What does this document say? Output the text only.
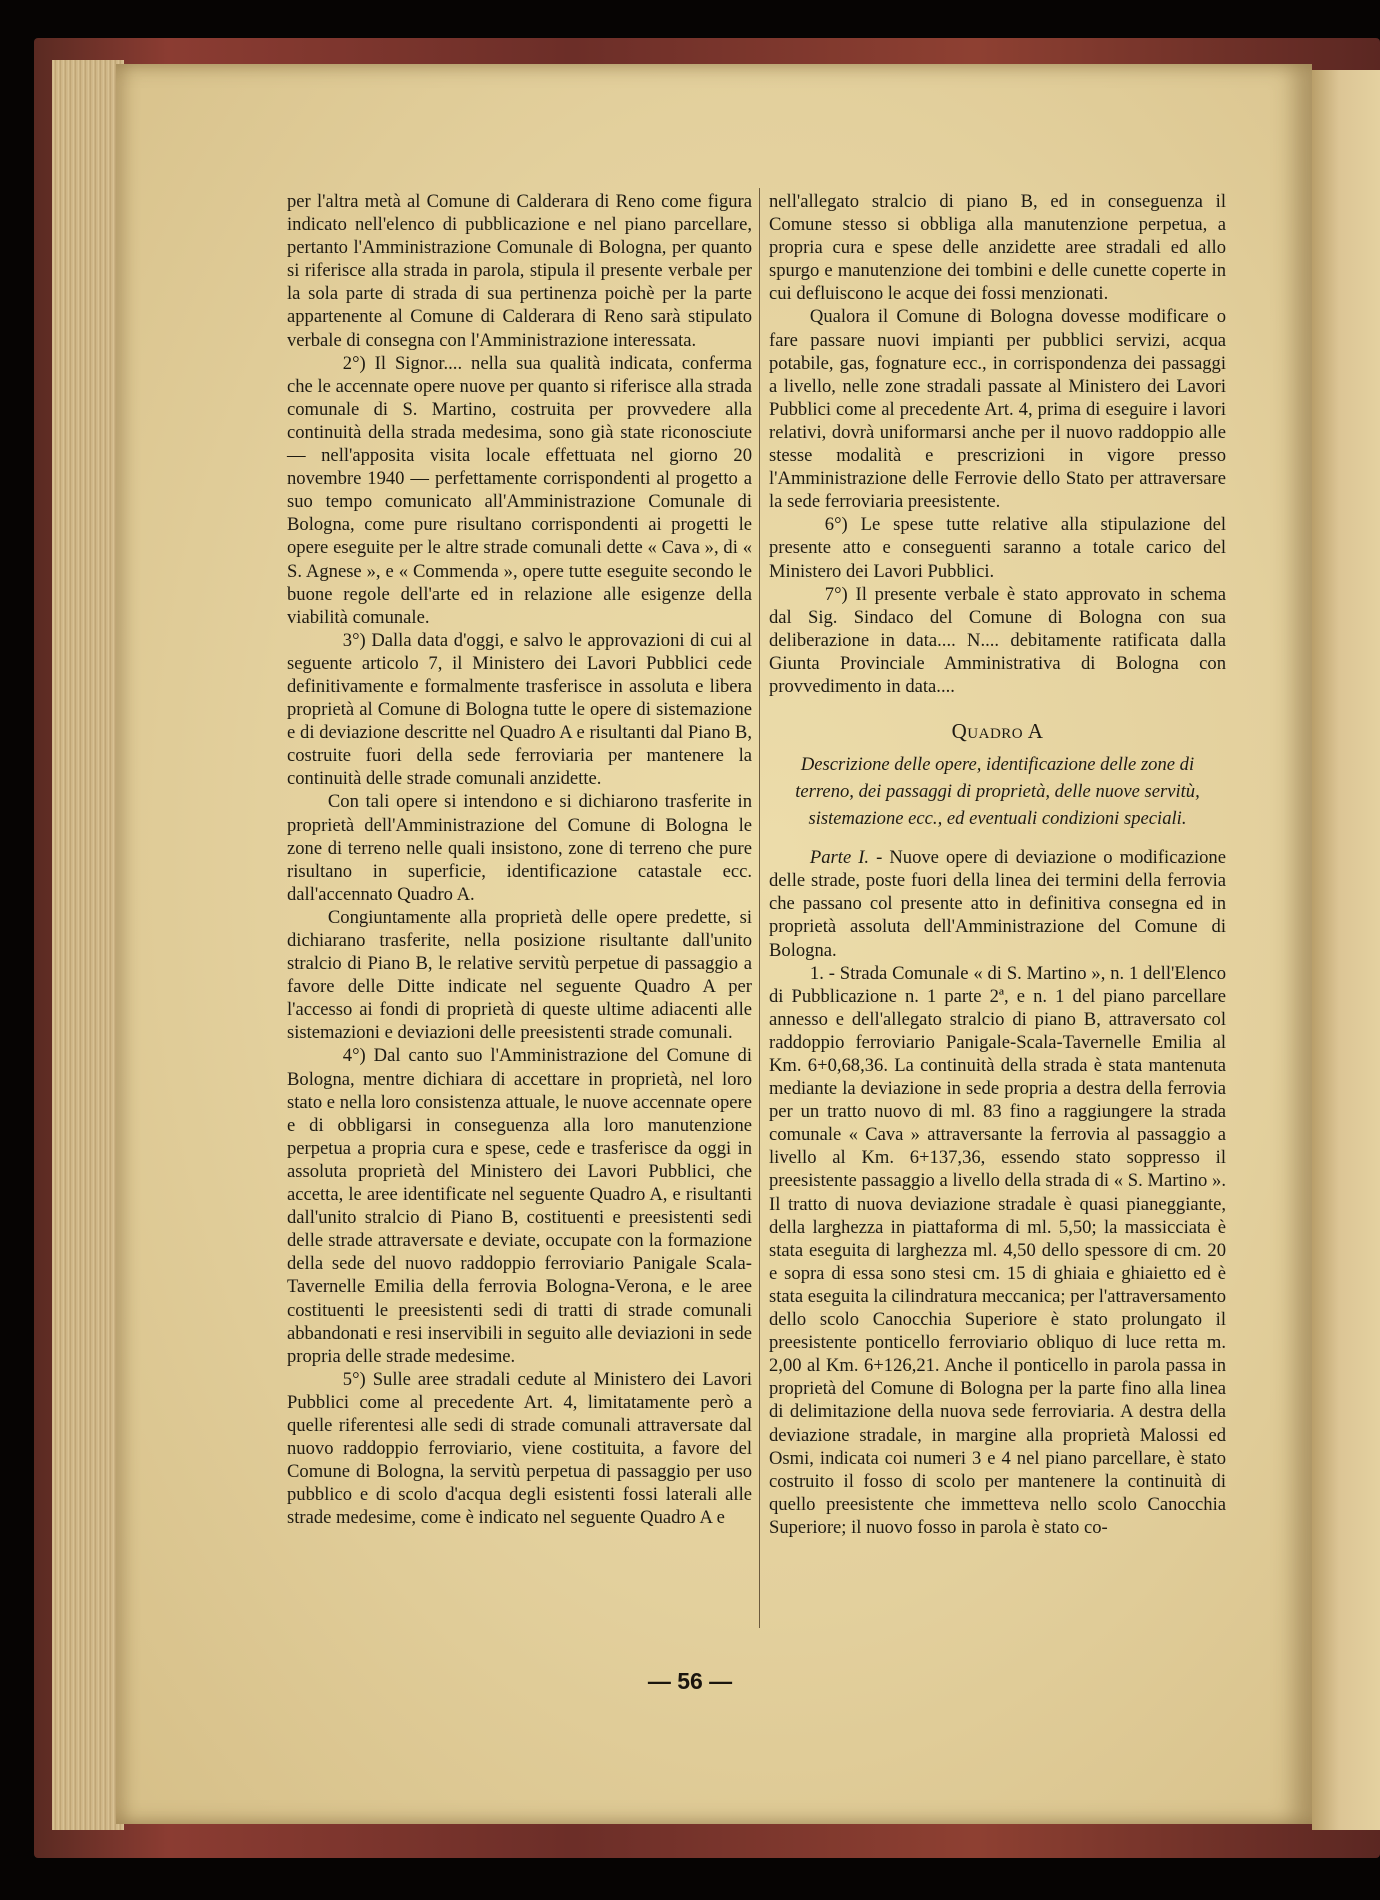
per l'altra metà al Comune di Calderara di Reno come figura indicato nell'elenco di pubblicazione e nel piano parcellare, pertanto l'Amministrazione Comunale di Bologna, per quanto si riferisce alla strada in parola, stipula il presente verbale per la sola parte di strada di sua pertinenza poichè per la parte appartenente al Comune di Calderara di Reno sarà stipulato verbale di consegna con l'Amministrazione interessata.

2°) Il Signor.... nella sua qualità indicata, conferma che le accennate opere nuove per quanto si riferisce alla strada comunale di S. Martino, costruita per provvedere alla continuità della strada medesima, sono già state riconosciute — nell'apposita visita locale effettuata nel giorno 20 novembre 1940 — perfettamente corrispondenti al progetto a suo tempo comunicato all'Amministrazione Comunale di Bologna, come pure risultano corrispondenti ai progetti le opere eseguite per le altre strade comunali dette « Cava », di « S. Agnese », e « Commenda », opere tutte eseguite secondo le buone regole dell'arte ed in relazione alle esigenze della viabilità comunale.

3°) Dalla data d'oggi, e salvo le approvazioni di cui al seguente articolo 7, il Ministero dei Lavori Pubblici cede definitivamente e formalmente trasferisce in assoluta e libera proprietà al Comune di Bologna tutte le opere di sistemazione e di deviazione descritte nel Quadro A e risultanti dal Piano B, costruite fuori della sede ferroviaria per mantenere la continuità delle strade comunali anzidette.

Con tali opere si intendono e si dichiarono trasferite in proprietà dell'Amministrazione del Comune di Bologna le zone di terreno nelle quali insistono, zone di terreno che pure risultano in superficie, identificazione catastale ecc. dall'accennato Quadro A.

Congiuntamente alla proprietà delle opere predette, si dichiarano trasferite, nella posizione risultante dall'unito stralcio di Piano B, le relative servitù perpetue di passaggio a favore delle Ditte indicate nel seguente Quadro A per l'accesso ai fondi di proprietà di queste ultime adiacenti alle sistemazioni e deviazioni delle preesistenti strade comunali.

4°) Dal canto suo l'Amministrazione del Comune di Bologna, mentre dichiara di accettare in proprietà, nel loro stato e nella loro consistenza attuale, le nuove accennate opere e di obbligarsi in conseguenza alla loro manutenzione perpetua a propria cura e spese, cede e trasferisce da oggi in assoluta proprietà del Ministero dei Lavori Pubblici, che accetta, le aree identificate nel seguente Quadro A, e risultanti dall'unito stralcio di Piano B, costituenti e preesistenti sedi delle strade attraversate e deviate, occupate con la formazione della sede del nuovo raddoppio ferroviario Panigale Scala-Tavernelle Emilia della ferrovia Bologna-Verona, e le aree costituenti le preesistenti sedi di tratti di strade comunali abbandonati e resi inservibili in seguito alle deviazioni in sede propria delle strade medesime.

5°) Sulle aree stradali cedute al Ministero dei Lavori Pubblici come al precedente Art. 4, limitatamente però a quelle riferentesi alle sedi di strade comunali attraversate dal nuovo raddoppio ferroviario, viene costituita, a favore del Comune di Bologna, la servitù perpetua di passaggio per uso pubblico e di scolo d'acqua degli esistenti fossi laterali alle strade medesime, come è indicato nel seguente Quadro A e

nell'allegato stralcio di piano B, ed in conseguenza il Comune stesso si obbliga alla manutenzione perpetua, a propria cura e spese delle anzidette aree stradali ed allo spurgo e manutenzione dei tombini e delle cunette coperte in cui defluiscono le acque dei fossi menzionati.

Qualora il Comune di Bologna dovesse modificare o fare passare nuovi impianti per pubblici servizi, acqua potabile, gas, fognature ecc., in corrispondenza dei passaggi a livello, nelle zone stradali passate al Ministero dei Lavori Pubblici come al precedente Art. 4, prima di eseguire i lavori relativi, dovrà uniformarsi anche per il nuovo raddoppio alle stesse modalità e prescrizioni in vigore presso l'Amministrazione delle Ferrovie dello Stato per attraversare la sede ferroviaria preesistente.

6°) Le spese tutte relative alla stipulazione del presente atto e conseguenti saranno a totale carico del Ministero dei Lavori Pubblici.

7°) Il presente verbale è stato approvato in schema dal Sig. Sindaco del Comune di Bologna con sua deliberazione in data.... N.... debitamente ratificata dalla Giunta Provinciale Amministrativa di Bologna con provvedimento in data....

Quadro A
Descrizione delle opere, identificazione delle zone di terreno, dei passaggi di proprietà, delle nuove servitù, sistemazione ecc., ed eventuali condizioni speciali.

Parte I. - Nuove opere di deviazione o modificazione delle strade, poste fuori della linea dei termini della ferrovia che passano col presente atto in definitiva consegna ed in proprietà assoluta dell'Amministrazione del Comune di Bologna.

1. - Strada Comunale « di S. Martino », n. 1 dell'Elenco di Pubblicazione n. 1 parte 2ª, e n. 1 del piano parcellare annesso e dell'allegato stralcio di piano B, attraversato col raddoppio ferroviario Panigale-Scala-Tavernelle Emilia al Km. 6+0,68,36. La continuità della strada è stata mantenuta mediante la deviazione in sede propria a destra della ferrovia per un tratto nuovo di ml. 83 fino a raggiungere la strada comunale « Cava » attraversante la ferrovia al passaggio a livello al Km. 6+137,36, essendo stato soppresso il preesistente passaggio a livello della strada di « S. Martino ». Il tratto di nuova deviazione stradale è quasi pianeggiante, della larghezza in piattaforma di ml. 5,50; la massicciata è stata eseguita di larghezza ml. 4,50 dello spessore di cm. 20 e sopra di essa sono stesi cm. 15 di ghiaia e ghiaietto ed è stata eseguita la cilindratura meccanica; per l'attraversamento dello scolo Canocchia Superiore è stato prolungato il preesistente ponticello ferroviario obliquo di luce retta m. 2,00 al Km. 6+126,21. Anche il ponticello in parola passa in proprietà del Comune di Bologna per la parte fino alla linea di delimitazione della nuova sede ferroviaria. A destra della deviazione stradale, in margine alla proprietà Malossi ed Osmi, indicata coi numeri 3 e 4 nel piano parcellare, è stato costruito il fosso di scolo per mantenere la continuità di quello preesistente che immetteva nello scolo Canocchia Superiore; il nuovo fosso in parola è stato co-

— 56 —
